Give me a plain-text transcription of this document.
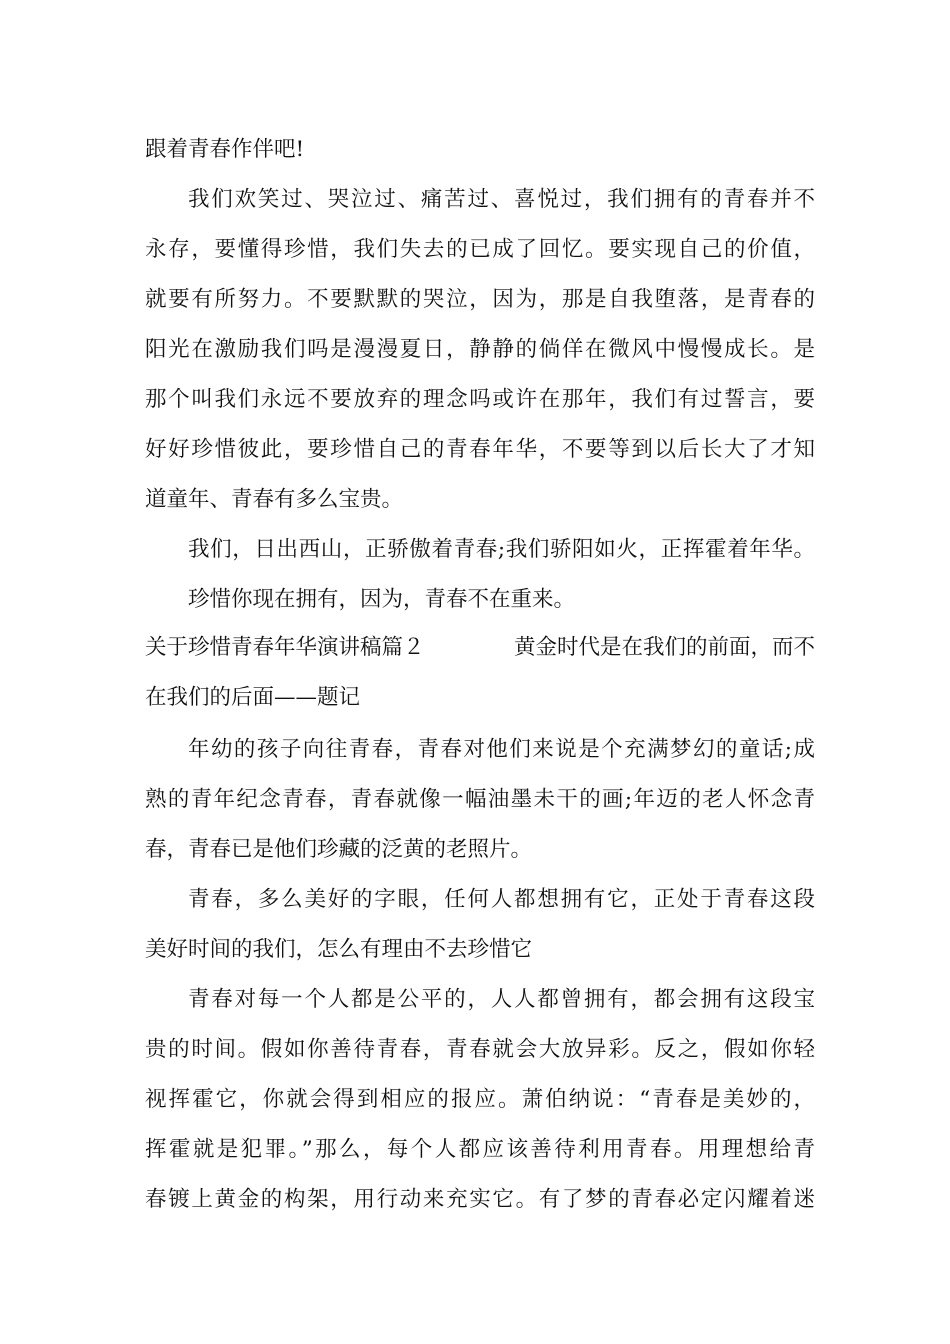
跟着青春作伴吧!

我们欢笑过、哭泣过、痛苦过、喜悦过，我们拥有的青春并不

永存，要懂得珍惜，我们失去的已成了回忆。要实现自己的价值，

就要有所努力。不要默默的哭泣，因为，那是自我堕落，是青春的

阳光在激励我们吗是漫漫夏日，静静的倘佯在微风中慢慢成长。是

那个叫我们永远不要放弃的理念吗或许在那年，我们有过誓言，要

好好珍惜彼此，要珍惜自己的青春年华，不要等到以后长大了才知

道童年、青春有多么宝贵。

我们，日出西山，正骄傲着青春;我们骄阳如火，正挥霍着年华。

珍惜你现在拥有，因为，青春不在重来。

关于珍惜青春年华演讲稿篇２	黄金时代是在我们的前面，而不

在我们的后面——题记

年幼的孩子向往青春，青春对他们来说是个充满梦幻的童话;成

熟的青年纪念青春，青春就像一幅油墨未干的画;年迈的老人怀念青

春，青春已是他们珍藏的泛黄的老照片。

青春，多么美好的字眼，任何人都想拥有它，正处于青春这段

美好时间的我们，怎么有理由不去珍惜它

青春对每一个人都是公平的，人人都曾拥有，都会拥有这段宝

贵的时间。假如你善待青春，青春就会大放异彩。反之，假如你轻

视挥霍它，你就会得到相应的报应。萧伯纳说：“青春是美妙的，

挥霍就是犯罪。”那么，每个人都应该善待利用青春。用理想给青

春镀上黄金的构架，用行动来充实它。有了梦的青春必定闪耀着迷
